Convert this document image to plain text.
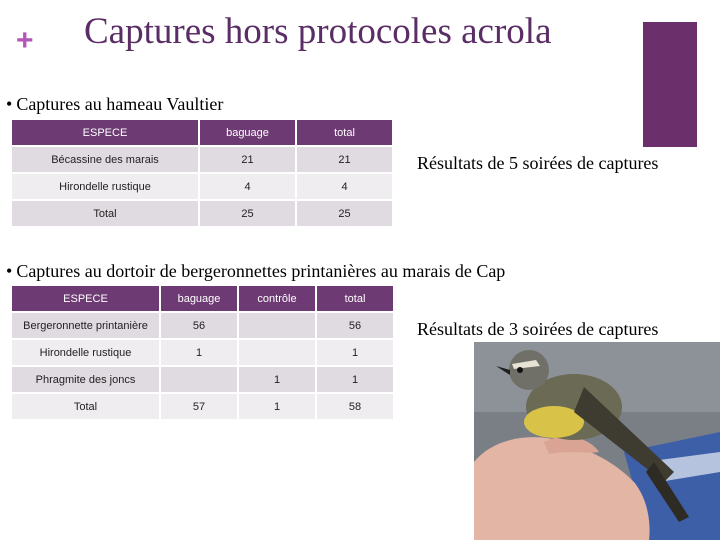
+ Captures hors protocoles acrola
• Captures au hameau Vaultier
ESPECE	baguage	total
Bécassine des marais	21	21
Hirondelle rustique	4	4
Total	25	25
Résultats de 5 soirées de captures
• Captures au dortoir de bergeronnettes printanières au marais de Cap
ESPECE	baguage	contrôle	total
Bergeronnette printanière	56		56
Hirondelle rustique	1		1
Phragmite des joncs		1	1
Total	57	1	58
Résultats de 3 soirées de captures
